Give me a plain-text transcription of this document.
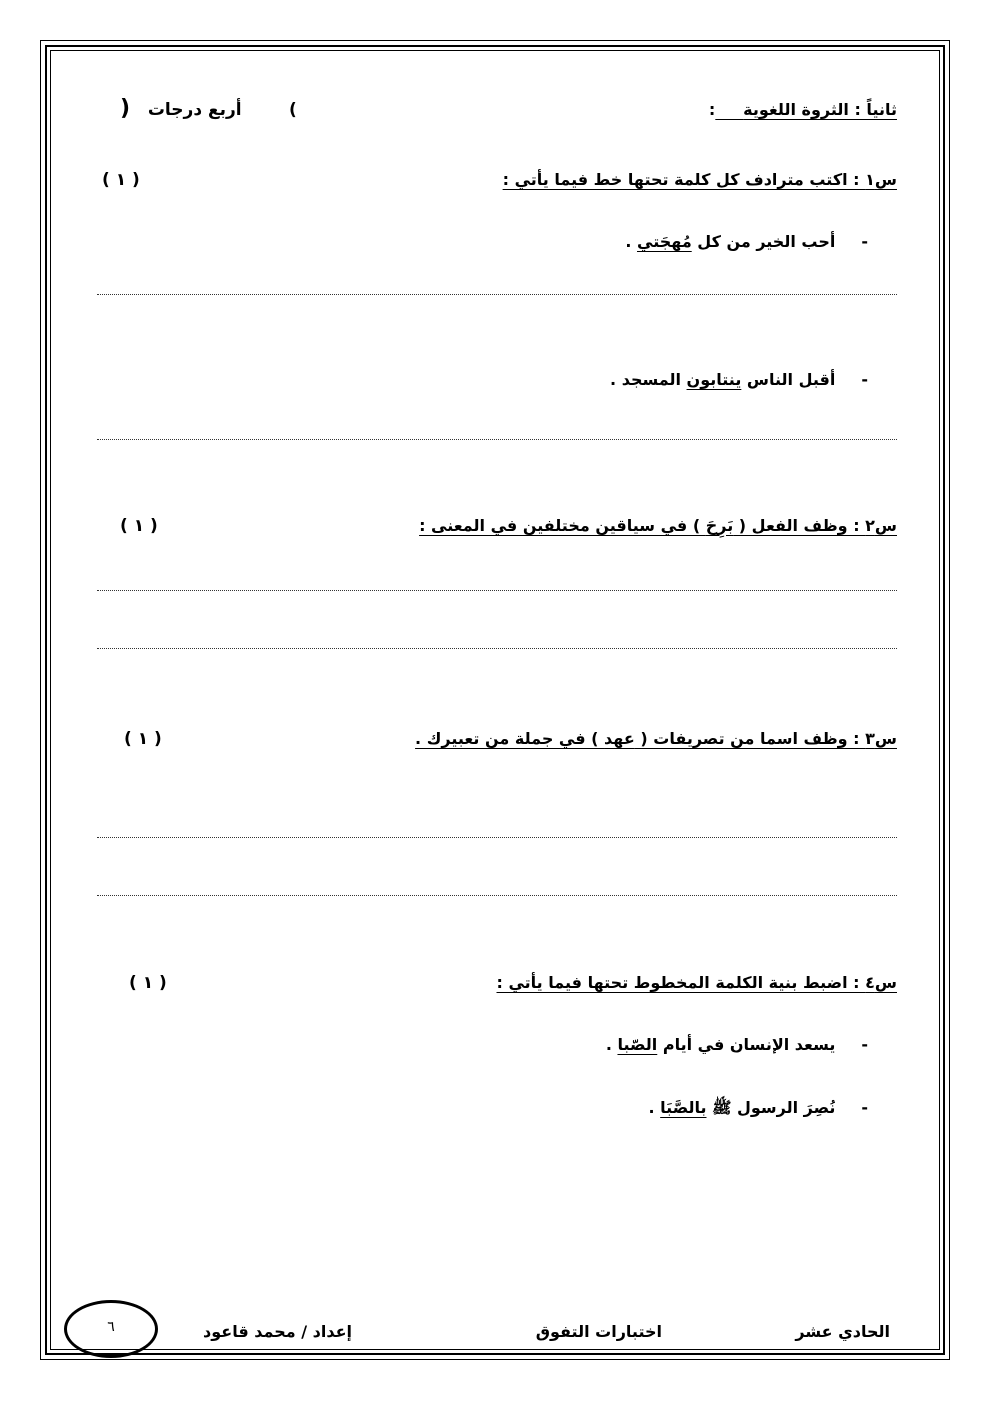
ثانياً : الثروة اللغوية     :
) أربع درجات	(
س١ : اكتب مترادف كل كلمة تحتها خط فيما يأتي :
( ١ )
-أحب الخير من كل مُهجَتي .
-أقبل الناس ينتابون المسجد .
س٢ : وظف الفعل ( بَرِحَ ) في سياقين مختلفين في المعنى :
( ١ )
س٣ : وظف اسما من تصريفات ( عهد ) في جملة من تعبيرك .
( ١ )
س٤ : اضبط بنية الكلمة المخطوط تحتها فيما يأتي :
( ١ )
-يسعد الإنسان في أيام الصّبا .
-نُصِرَ الرسول ﷺ بالصَّبَا .
الحادي عشر
اختبارات التفوق
إعداد / محمد قاعود
٦
